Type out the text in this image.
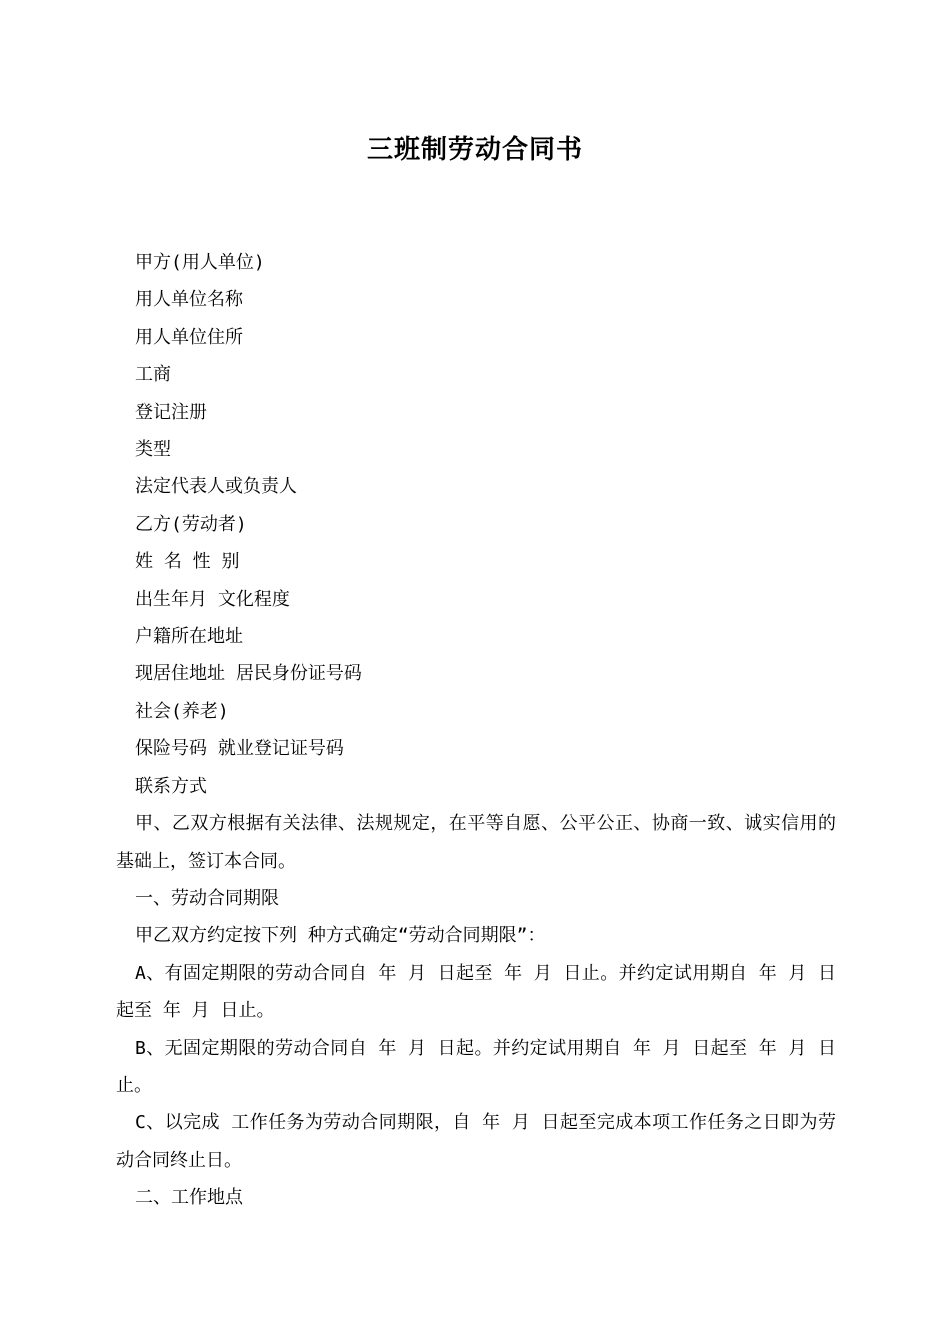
三班制劳动合同书

甲方(用人单位)

用人单位名称

用人单位住所

工商

登记注册

类型

法定代表人或负责人

乙方(劳动者)

姓 名 性 别

出生年月 文化程度

户籍所在地址

现居住地址 居民身份证号码

社会(养老)

保险号码 就业登记证号码

联系方式

甲、乙双方根据有关法律、法规规定，在平等自愿、公平公正、协商一致、诚实信用的基础上，签订本合同。

一、劳动合同期限

甲乙双方约定按下列 种方式确定“劳动合同期限”：

A、有固定期限的劳动合同自 年 月 日起至 年 月 日止。并约定试用期自 年 月 日起至 年 月 日止。

B、无固定期限的劳动合同自 年 月 日起。并约定试用期自 年 月 日起至 年 月 日止。

C、以完成 工作任务为劳动合同期限，自 年 月 日起至完成本项工作任务之日即为劳动合同终止日。

二、工作地点
